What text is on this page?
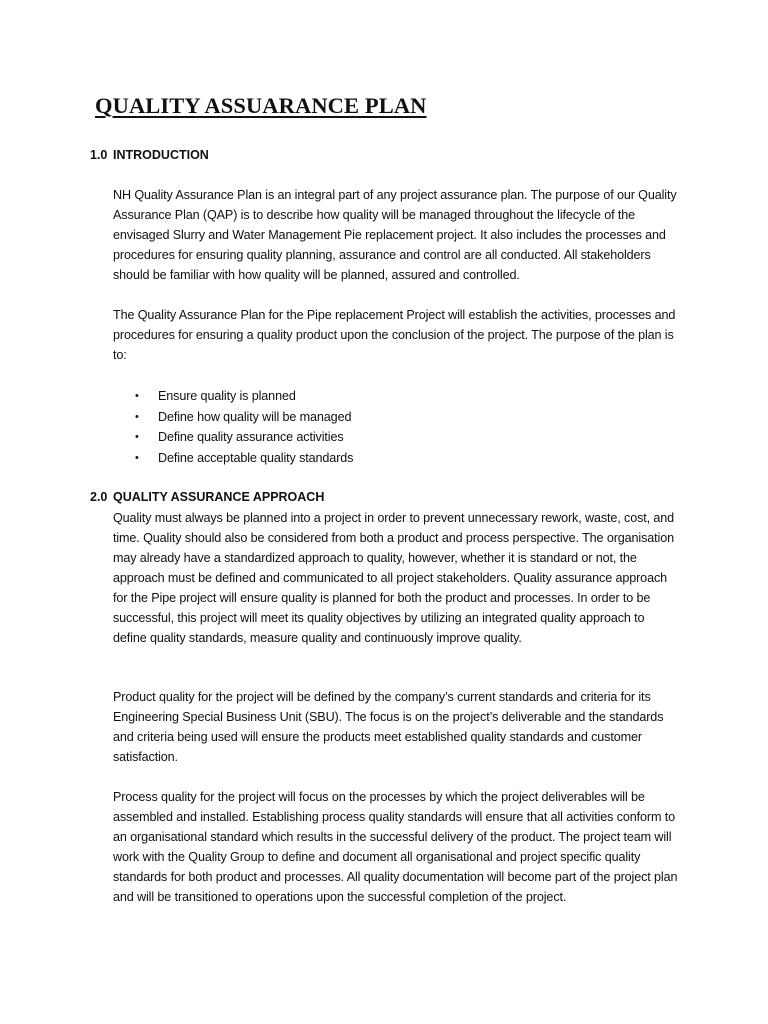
QUALITY ASSUARANCE PLAN
1.0 INTRODUCTION

NH Quality Assurance Plan is an integral part of any project assurance plan. The purpose of our Quality Assurance Plan (QAP) is to describe how quality will be managed throughout the lifecycle of the envisaged Slurry and Water Management Pie replacement project. It also includes the processes and procedures for ensuring quality planning, assurance and control are all conducted. All stakeholders should be familiar with how quality will be planned, assured and controlled.

The Quality Assurance Plan for the Pipe replacement Project will establish the activities, processes and procedures for ensuring a quality product upon the conclusion of the project. The purpose of the plan is to:

• Ensure quality is planned
• Define how quality will be managed
• Define quality assurance activities
• Define acceptable quality standards
2.0 QUALITY ASSURANCE APPROACH

Quality must always be planned into a project in order to prevent unnecessary rework, waste, cost, and time. Quality should also be considered from both a product and process perspective. The organisation may already have a standardized approach to quality, however, whether it is standard or not, the approach must be defined and communicated to all project stakeholders. Quality assurance approach for the Pipe project will ensure quality is planned for both the product and processes. In order to be successful, this project will meet its quality objectives by utilizing an integrated quality approach to define quality standards, measure quality and continuously improve quality.

Product quality for the project will be defined by the company’s current standards and criteria for its Engineering Special Business Unit (SBU). The focus is on the project’s deliverable and the standards and criteria being used will ensure the products meet established quality standards and customer satisfaction.

Process quality for the project will focus on the processes by which the project deliverables will be assembled and installed. Establishing process quality standards will ensure that all activities conform to an organisational standard which results in the successful delivery of the product. The project team will work with the Quality Group to define and document all organisational and project specific quality standards for both product and processes. All quality documentation will become part of the project plan and will be transitioned to operations upon the successful completion of the project.
